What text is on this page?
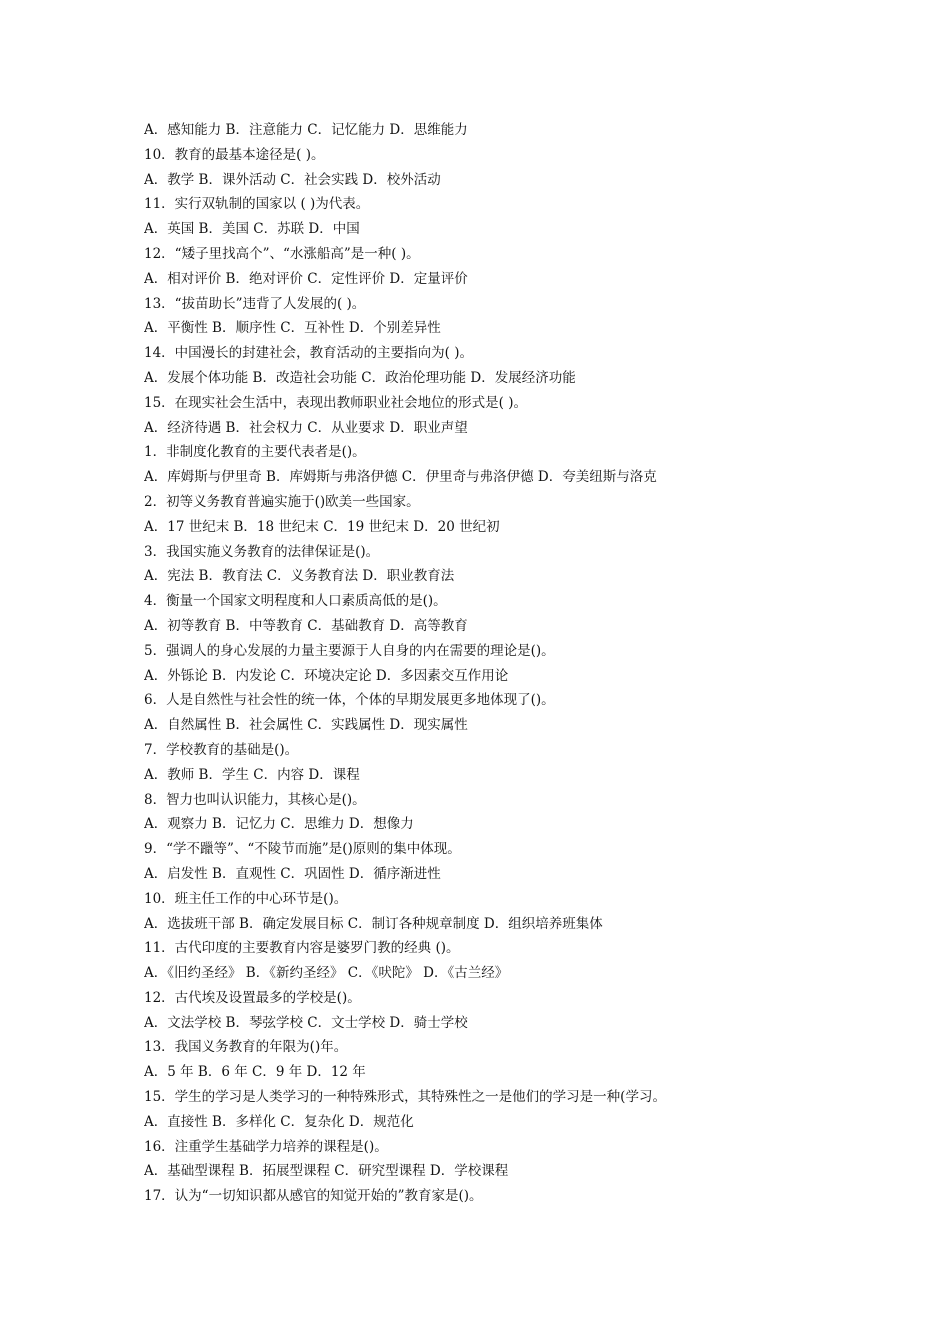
A．感知能力 B．注意能力 C．记忆能力 D．思维能力
10．教育的最基本途径是( )。
A．教学 B．课外活动 C．社会实践 D．校外活动
11．实行双轨制的国家以 ( )为代表。
A．英国 B．美国 C．苏联 D．中国
12．“矮子里找高个”、“水涨船高”是一种( )。
A．相对评价 B．绝对评价 C．定性评价 D．定量评价
13．“拔苗助长”违背了人发展的( )。
A．平衡性 B．顺序性 C．互补性 D．个别差异性
14．中国漫长的封建社会，教育活动的主要指向为( )。
A．发展个体功能 B．改造社会功能 C．政治伦理功能 D．发展经济功能
15．在现实社会生活中，表现出教师职业社会地位的形式是( )。
A．经济待遇 B．社会权力 C．从业要求 D．职业声望
1．非制度化教育的主要代表者是()。
A．库姆斯与伊里奇 B．库姆斯与弗洛伊德 C．伊里奇与弗洛伊德 D．夸美纽斯与洛克
2．初等义务教育普遍实施于()欧美一些国家。
A．17 世纪末 B．18 世纪末 C．19 世纪末 D．20 世纪初
3．我国实施义务教育的法律保证是()。
A．宪法 B．教育法 C．义务教育法 D．职业教育法
4．衡量一个国家文明程度和人口素质高低的是()。
A．初等教育 B．中等教育 C．基础教育 D．高等教育
5．强调人的身心发展的力量主要源于人自身的内在需要的理论是()。
A．外铄论 B．内发论 C．环境决定论 D．多因素交互作用论
6．人是自然性与社会性的统一体，个体的早期发展更多地体现了()。
A．自然属性 B．社会属性 C．实践属性 D．现实属性
7．学校教育的基础是()。
A．教师 B．学生 C．内容 D．课程
8．智力也叫认识能力，其核心是()。
A．观察力 B．记忆力 C．思维力 D．想像力
9．“学不躐等”、“不陵节而施”是()原则的集中体现。
A．启发性 B．直观性 C．巩固性 D．循序渐进性
10．班主任工作的中心环节是()。
A．选拔班干部 B．确定发展目标 C．制订各种规章制度 D．组织培养班集体
11．古代印度的主要教育内容是婆罗门教的经典 ()。
A．《旧约圣经》 B．《新约圣经》 C．《吠陀》 D．《古兰经》
12．古代埃及设置最多的学校是()。
A．文法学校 B．琴弦学校 C．文士学校 D．骑士学校
13．我国义务教育的年限为()年。
A．5 年 B．6 年 C．9 年 D．12 年
15．学生的学习是人类学习的一种特殊形式，其特殊性之一是他们的学习是一种(学习。
A．直接性 B．多样化 C．复杂化 D．规范化
16．注重学生基础学力培养的课程是()。
A．基础型课程 B．拓展型课程 C．研究型课程 D．学校课程
17．认为“一切知识都从感官的知觉开始的”教育家是()。
